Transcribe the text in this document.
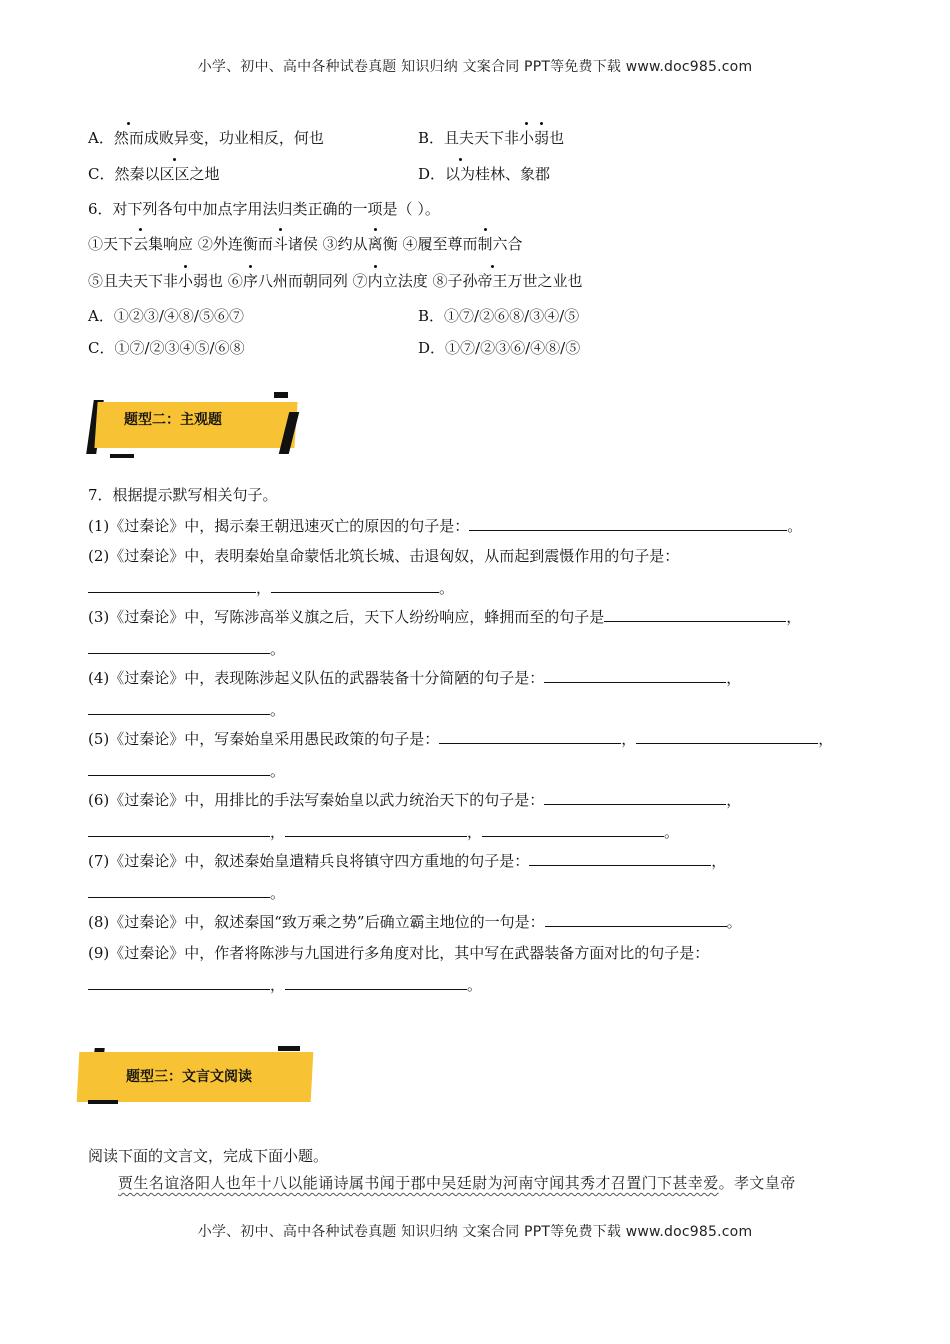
小学、初中、高中各种试卷真题 知识归纳 文案合同 PPT等免费下载 www.doc985.com
A．然而成败异变，功业相反，何也	B．且夫天下非小弱也
C．然秦以区区之地	D．以为桂林、象郡
6．对下列各句中加点字用法归类正确的一项是（ ）。
①天下云集响应 ②外连衡而斗诸侯 ③约从离衡 ④履至尊而制六合
⑤且夫天下非小弱也 ⑥序八州而朝同列 ⑦内立法度 ⑧子孙帝王万世之业也
A．①②③/④⑧/⑤⑥⑦	B．①⑦/②⑥⑧/③④/⑤
C．①⑦/②③④⑤/⑥⑧	D．①⑦/②③⑥/④⑧/⑤
题型二：主观题
7．根据提示默写相关句子。
(1)《过秦论》中，揭示秦王朝迅速灭亡的原因的句子是：	。
(2)《过秦论》中，表明秦始皇命蒙恬北筑长城、击退匈奴，从而起到震慑作用的句子是：
，	。
(3)《过秦论》中，写陈涉高举义旗之后，天下人纷纷响应，蜂拥而至的句子是	，
。
(4)《过秦论》中，表现陈涉起义队伍的武器装备十分简陋的句子是：	，
。
(5)《过秦论》中，写秦始皇采用愚民政策的句子是：	，	，
。
(6)《过秦论》中，用排比的手法写秦始皇以武力统治天下的句子是：	，
，	，	。
(7)《过秦论》中，叙述秦始皇遣精兵良将镇守四方重地的句子是：	，
。
(8)《过秦论》中，叙述秦国“致万乘之势”后确立霸主地位的一句是：	。
(9)《过秦论》中，作者将陈涉与九国进行多角度对比，其中写在武器装备方面对比的句子是：
，	。
题型三：文言文阅读
阅读下面的文言文，完成下面小题。
贾生名谊洛阳人也年十八以能诵诗属书闻于郡中吴廷尉为河南守闻其秀才召置门下甚幸爱。孝文皇帝
小学、初中、高中各种试卷真题 知识归纳 文案合同 PPT等免费下载 www.doc985.com
